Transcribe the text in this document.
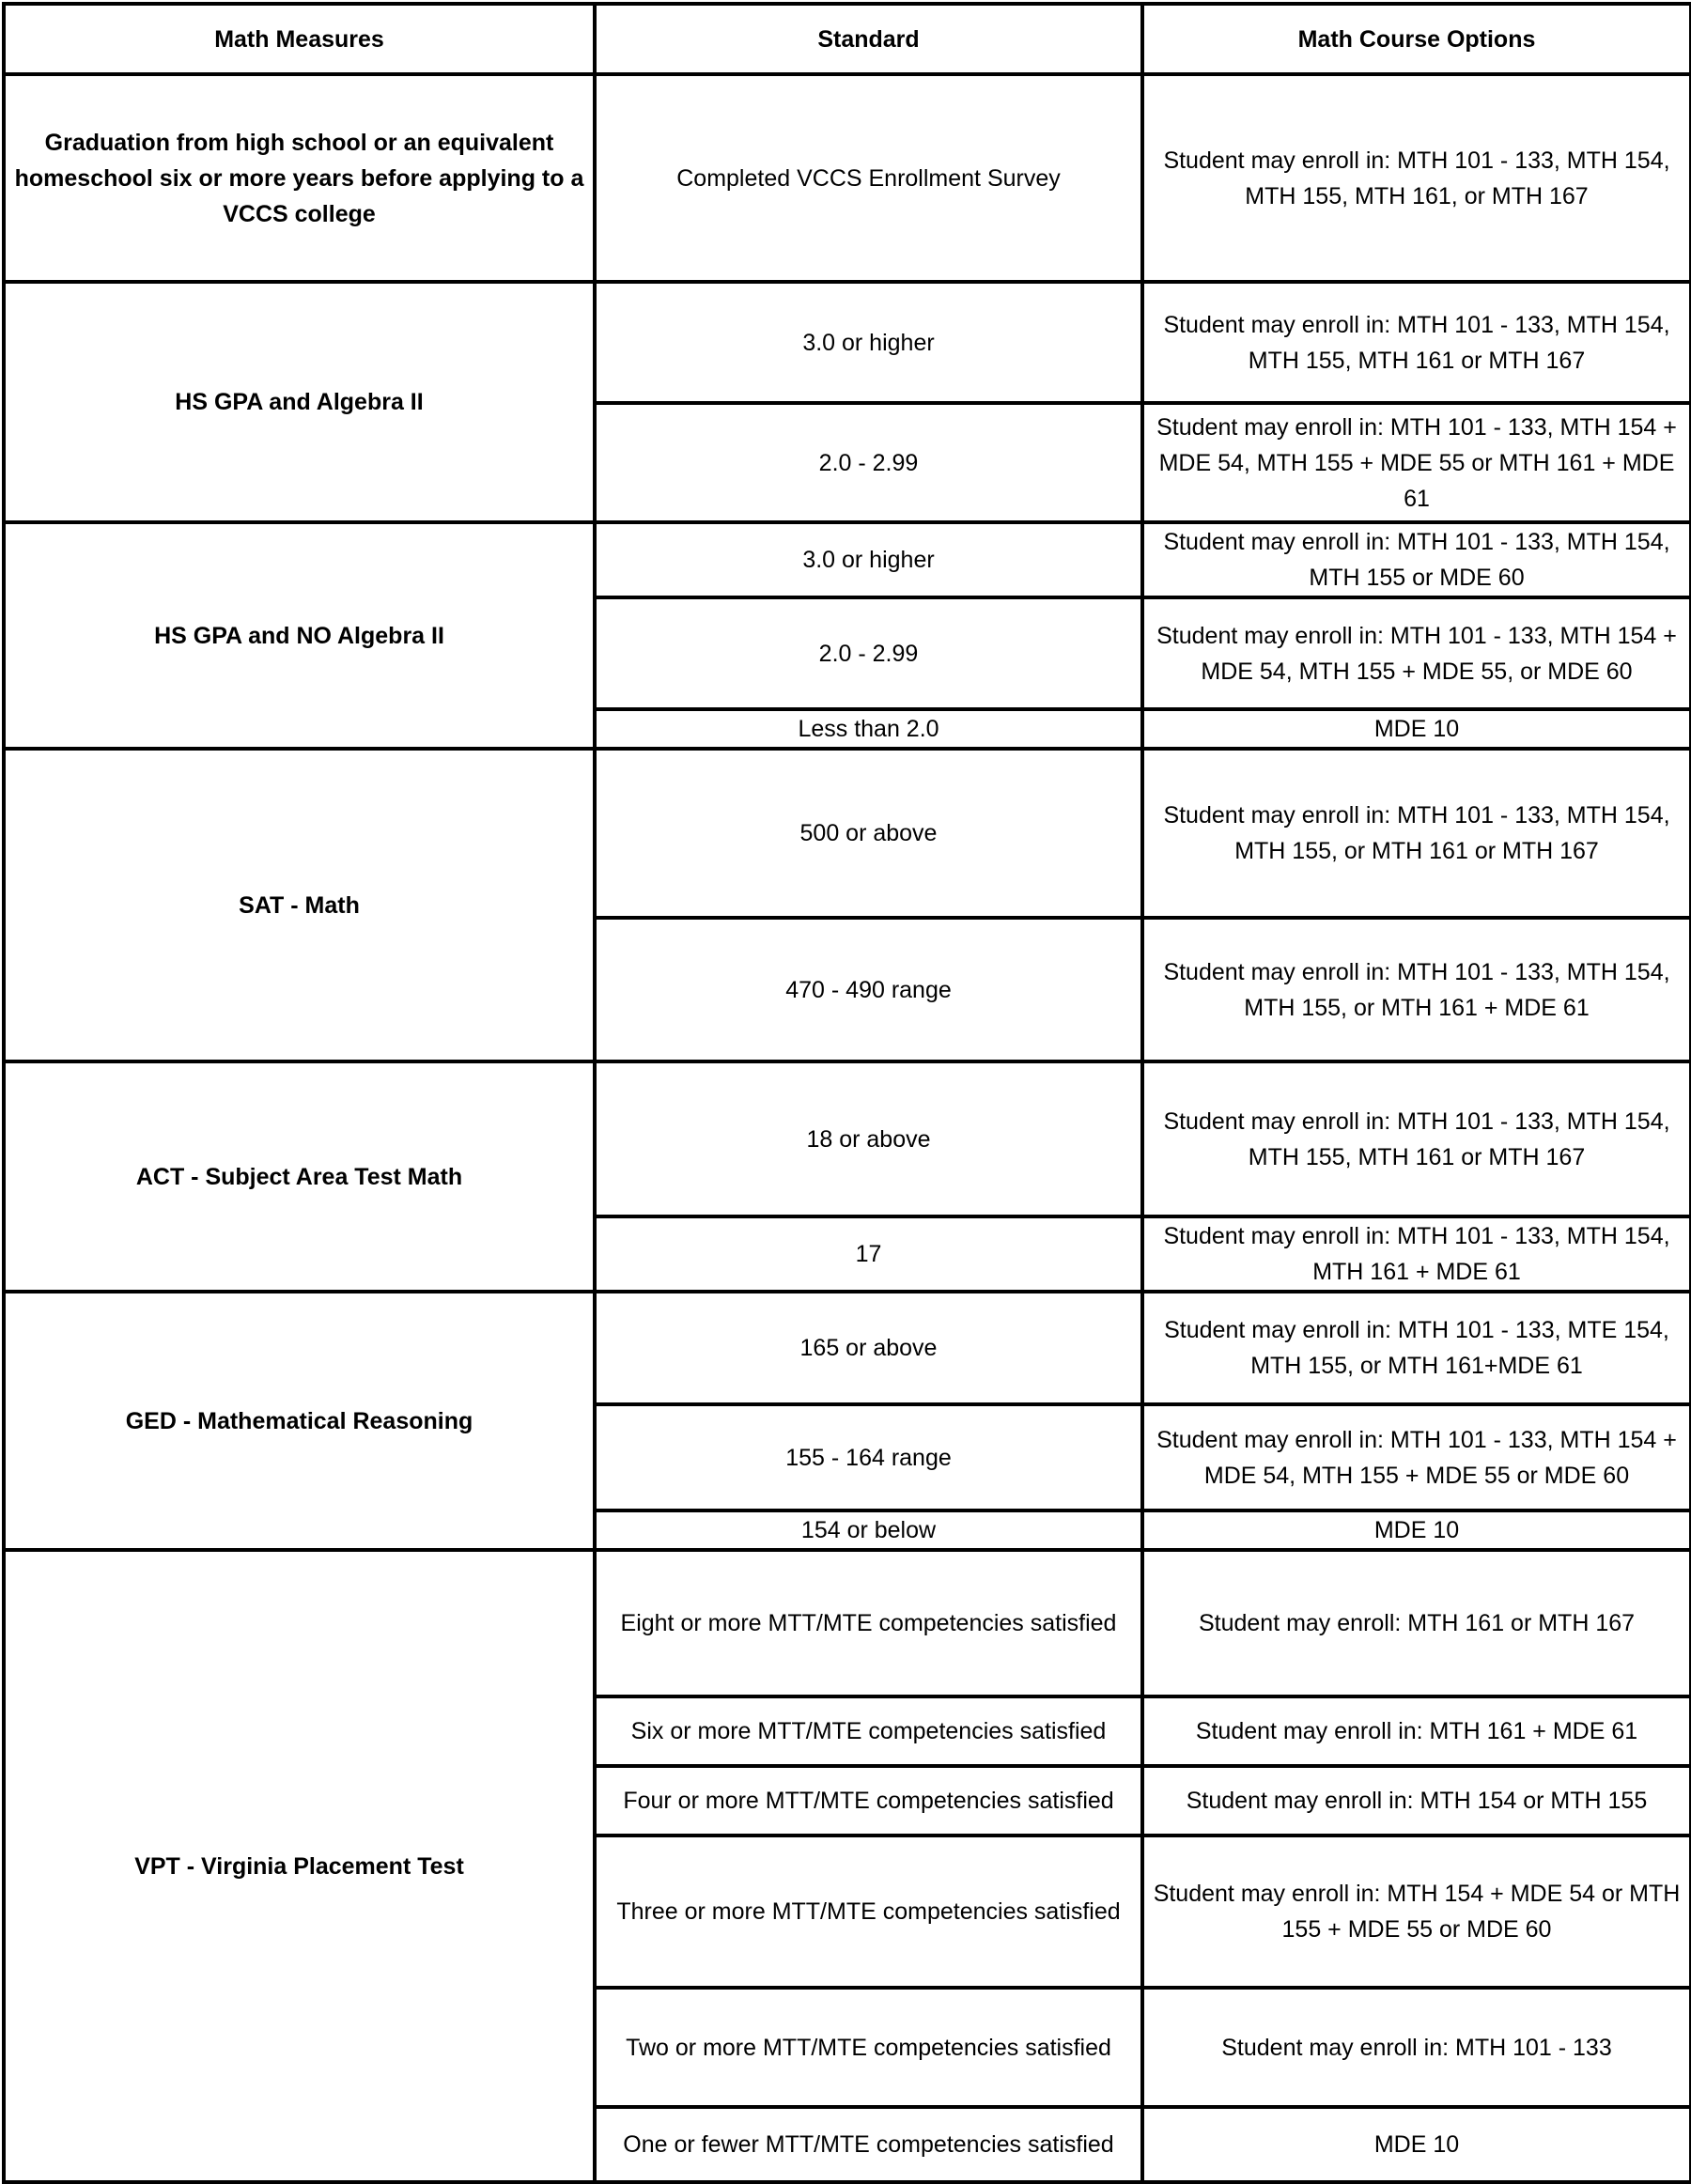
Math Measures	Standard	Math Course Options
Graduation from high school or an equivalent homeschool six or more years before applying to a VCCS college	Completed VCCS Enrollment Survey	Student may enroll in: MTH 101 - 133, MTH 154, MTH 155, MTH 161, or MTH 167
HS GPA and Algebra II	3.0 or higher	Student may enroll in: MTH 101 - 133, MTH 154, MTH 155, MTH 161 or MTH 167
	2.0 - 2.99	Student may enroll in: MTH 101 - 133, MTH 154 + MDE 54, MTH 155 + MDE 55 or MTH 161 + MDE 61
HS GPA and NO Algebra II	3.0 or higher	Student may enroll in: MTH 101 - 133, MTH 154, MTH 155 or MDE 60
	2.0 - 2.99	Student may enroll in: MTH 101 - 133, MTH 154 + MDE 54, MTH 155 + MDE 55, or MDE 60
	Less than 2.0	MDE 10
SAT - Math	500 or above	Student may enroll in: MTH 101 - 133, MTH 154, MTH 155, or MTH 161 or MTH 167
	470 - 490 range	Student may enroll in: MTH 101 - 133, MTH 154, MTH 155, or MTH 161 + MDE 61
ACT - Subject Area Test Math	18 or above	Student may enroll in: MTH 101 - 133, MTH 154, MTH 155, MTH 161 or MTH 167
	17	Student may enroll in: MTH 101 - 133, MTH 154, MTH 161 + MDE 61
GED - Mathematical Reasoning	165 or above	Student may enroll in: MTH 101 - 133, MTE 154, MTH 155, or MTH 161+MDE 61
	155 - 164 range	Student may enroll in: MTH 101 - 133, MTH 154 + MDE 54, MTH 155 + MDE 55 or MDE 60
	154 or below	MDE 10
VPT - Virginia Placement Test	Eight or more MTT/MTE competencies satisfied	Student may enroll: MTH 161 or MTH 167
	Six or more MTT/MTE competencies satisfied	Student may enroll in: MTH 161 + MDE 61
	Four or more MTT/MTE competencies satisfied	Student may enroll in: MTH 154 or MTH 155
	Three or more MTT/MTE competencies satisfied	Student may enroll in: MTH 154 + MDE 54 or MTH 155 + MDE 55 or MDE 60
	Two or more MTT/MTE competencies satisfied	Student may enroll in: MTH 101 - 133
	One or fewer MTT/MTE competencies satisfied	MDE 10
